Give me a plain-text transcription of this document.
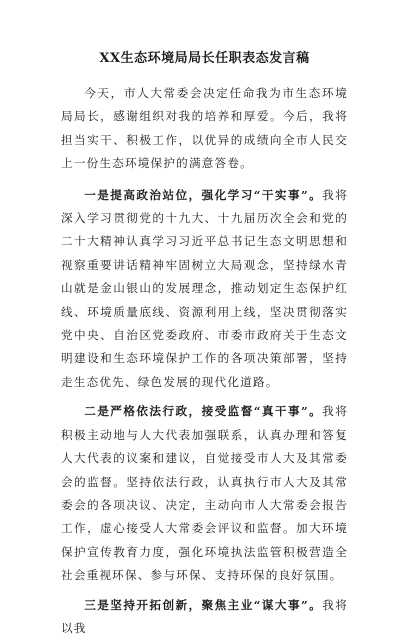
XX生态环境局局长任职表态发言稿

今天，市人大常委会决定任命我为市生态环境局局长，感谢组织对我的培养和厚爱。今后，我将担当实干、积极工作，以优异的成绩向全市人民交上一份生态环境保护的满意答卷。

一是提高政治站位，强化学习“干实事”。我将深入学习贯彻党的十九大、十九届历次全会和党的二十大精神认真学习习近平总书记生态文明思想和视察重要讲话精神牢固树立大局观念，坚持绿水青山就是金山银山的发展理念，推动划定生态保护红线、环境质量底线、资源利用上线，坚决贯彻落实党中央、自治区党委政府、市委市政府关于生态文明建设和生态环境保护工作的各项决策部署，坚持走生态优先、绿色发展的现代化道路。

二是严格依法行政，接受监督“真干事”。我将积极主动地与人大代表加强联系，认真办理和答复人大代表的议案和建议，自觉接受市人大及其常委会的监督。坚持依法行政，认真执行市人大及其常委会的各项决议、决定，主动向市人大常委会报告工作，虚心接受人大常委会评议和监督。加大环境保护宣传教育力度，强化环境执法监管积极营造全社会重视环保、参与环保、支持环保的良好氛围。

三是坚持开拓创新，聚焦主业“谋大事”。我将以我
